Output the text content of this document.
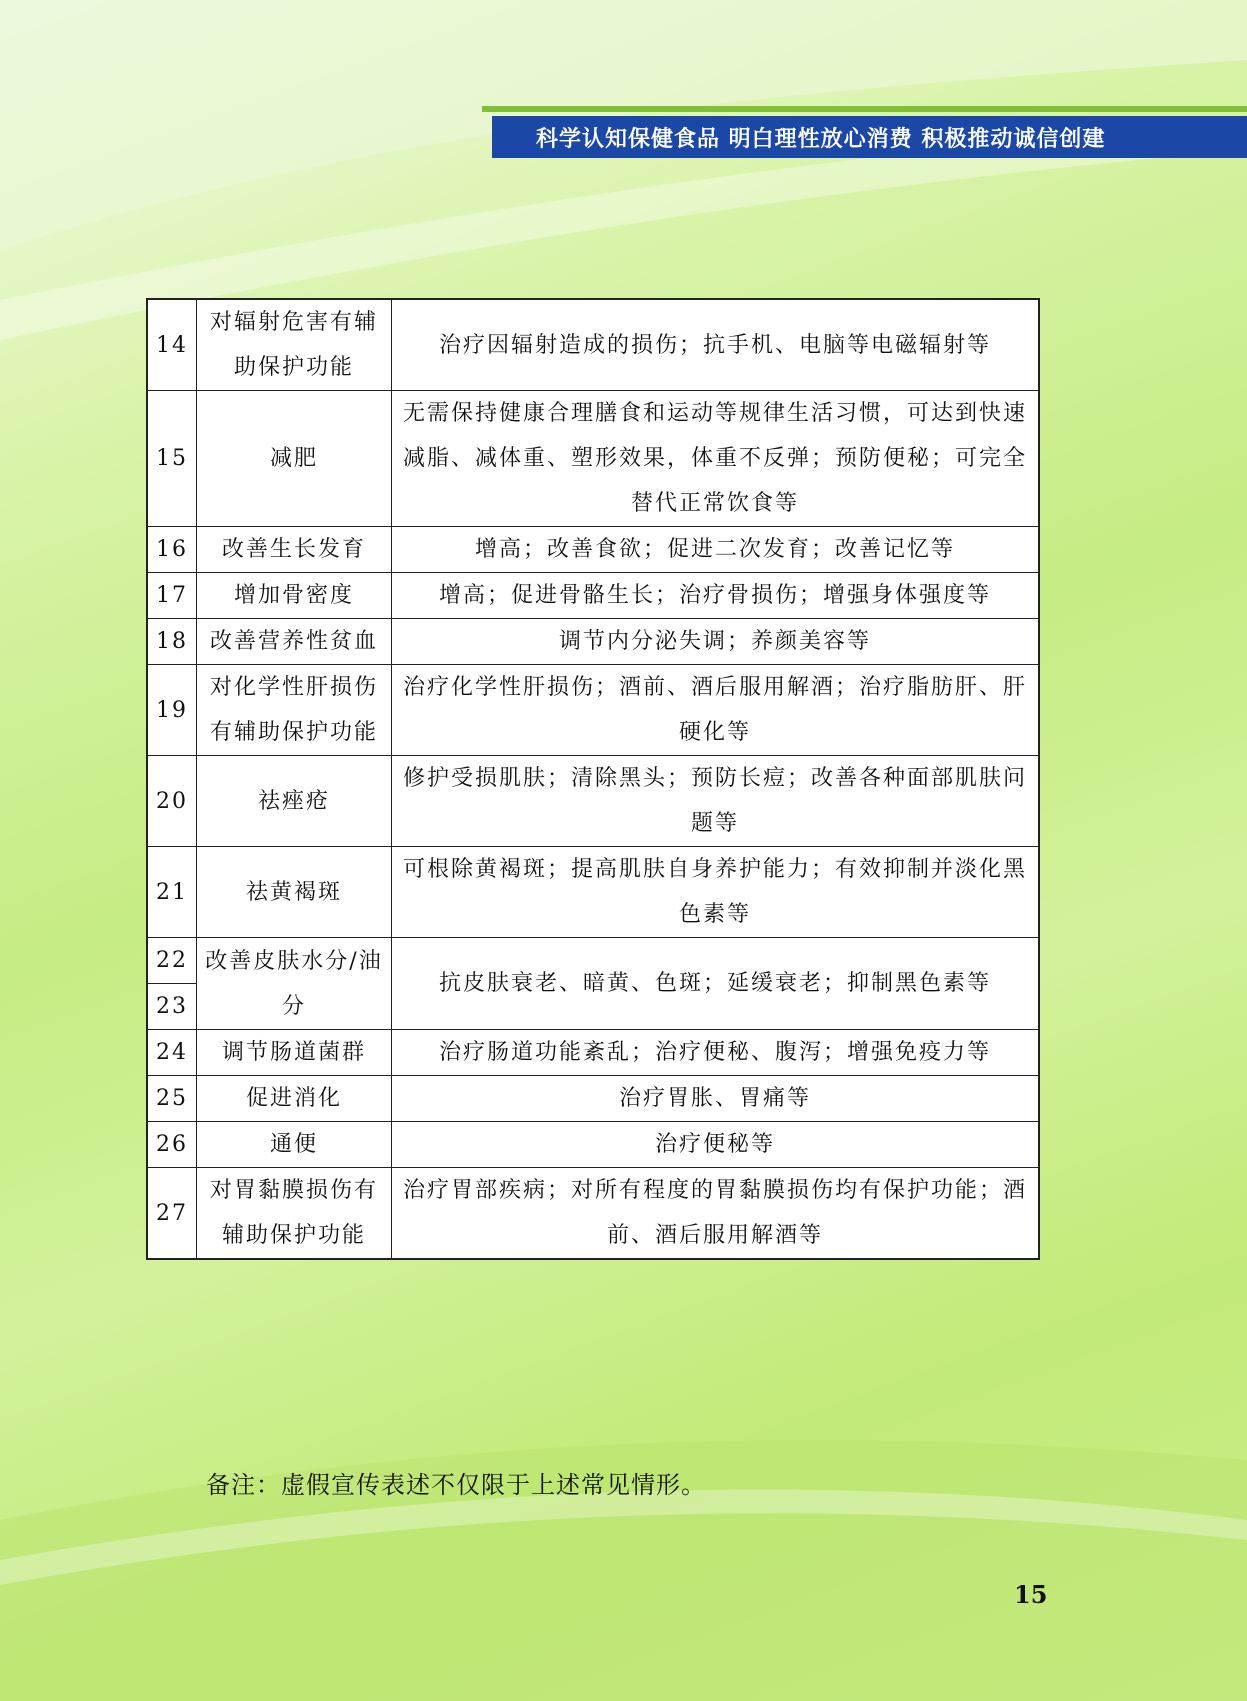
科学认知保健食品 明白理性放心消费 积极推动诚信创建
14	对辐射危害有辅助保护功能	治疗因辐射造成的损伤；抗手机、电脑等电磁辐射等
15	减肥	无需保持健康合理膳食和运动等规律生活习惯，可达到快速减脂、减体重、塑形效果，体重不反弹；预防便秘；可完全替代正常饮食等
16	改善生长发育	增高；改善食欲；促进二次发育；改善记忆等
17	增加骨密度	增高；促进骨骼生长；治疗骨损伤；增强身体强度等
18	改善营养性贫血	调节内分泌失调；养颜美容等
19	对化学性肝损伤有辅助保护功能	治疗化学性肝损伤；酒前、酒后服用解酒；治疗脂肪肝、肝硬化等
20	祛痤疮	修护受损肌肤；清除黑头；预防长痘；改善各种面部肌肤问题等
21	祛黄褐斑	可根除黄褐斑；提高肌肤自身养护能力；有效抑制并淡化黑色素等
22	改善皮肤水分/油分	抗皮肤衰老、暗黄、色斑；延缓衰老；抑制黑色素等
23		
24	调节肠道菌群	治疗肠道功能紊乱；治疗便秘、腹泻；增强免疫力等
25	促进消化	治疗胃胀、胃痛等
26	通便	治疗便秘等
27	对胃黏膜损伤有辅助保护功能	治疗胃部疾病；对所有程度的胃黏膜损伤均有保护功能；酒前、酒后服用解酒等
备注：虚假宣传表述不仅限于上述常见情形。
15
